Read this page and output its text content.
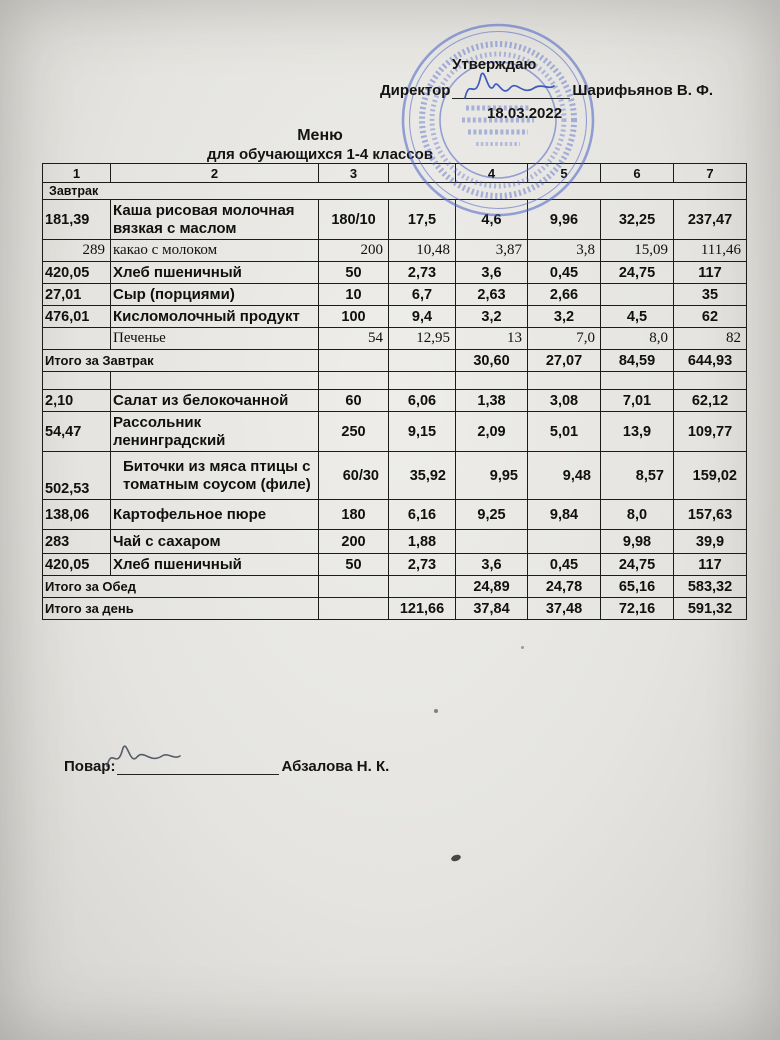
Утверждаю
Директор	Шарифьянов В. Ф.
18.03.2022
Меню
для обучающихся 1-4 классов
1	2	3		4	5	6	7
Завтрак							
181,39	Каша рисовая молочная вязкая с маслом	180/10	17,5	4,6	9,96	32,25	237,47
289	какао с молоком	200	10,48	3,87	3,8	15,09	111,46
420,05	Хлеб пшеничный	50	2,73	3,6	0,45	24,75	117
27,01	Сыр (порциями)	10	6,7	2,63	2,66		35
476,01	Кисломолочный продукт	100	9,4	3,2	3,2	4,5	62
	Печенье	54	12,95	13	7,0	8,0	82
Итого за Завтрак				30,60	27,07	84,59	644,93

2,10	Салат из белокочанной	60	6,06	1,38	3,08	7,01	62,12
54,47	Рассольник ленинградский	250	9,15	2,09	5,01	13,9	109,77
502,53	Биточки из мяса птицы с томатным соусом (филе)	60/30	35,92	9,95	9,48	8,57	159,02
138,06	Картофельное пюре	180	6,16	9,25	9,84	8,0	157,63
283	Чай с сахаром	200	1,88			9,98	39,9
420,05	Хлеб пшеничный	50	2,73	3,6	0,45	24,75	117
Итого за Обед				24,89	24,78	65,16	583,32
Итого за день			121,66	37,84	37,48	72,16	591,32
Повар:	Абзалова Н. К.
